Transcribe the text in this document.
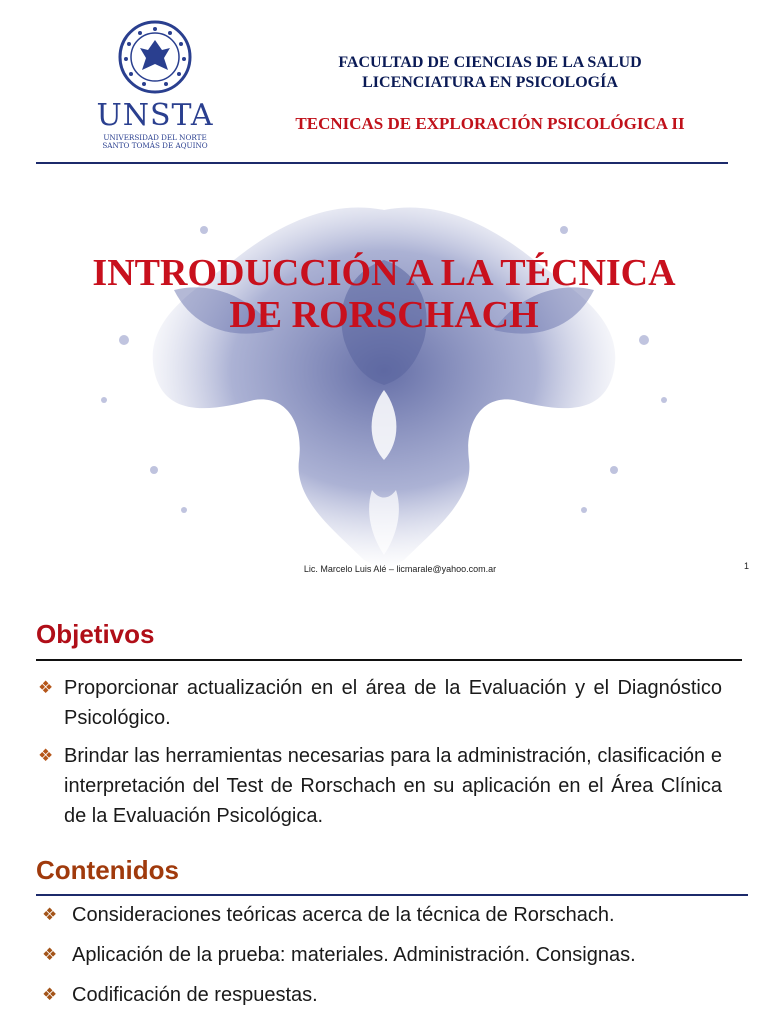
UNSTA
UNIVERSIDAD DEL NORTE
SANTO TOMÁS DE AQUINO
FACULTAD DE CIENCIAS DE LA SALUD
LICENCIATURA EN PSICOLOGÍA
TECNICAS DE EXPLORACIÓN PSICOLÓGICA II
INTRODUCCIÓN A LA TÉCNICA
DE RORSCHACH
Lic. Marcelo Luis Alé – licmarale@yahoo.com.ar	1
Objetivos
❖ Proporcionar actualización en el área de la Evaluación y el Diagnóstico Psicológico.
❖ Brindar las herramientas necesarias para la administración, clasificación e interpretación del Test de Rorschach en su aplicación en el Área Clínica de la Evaluación Psicológica.
Contenidos
❖ Consideraciones teóricas acerca de la técnica de Rorschach.
❖ Aplicación de la prueba: materiales. Administración. Consignas.
❖ Codificación de respuestas.
